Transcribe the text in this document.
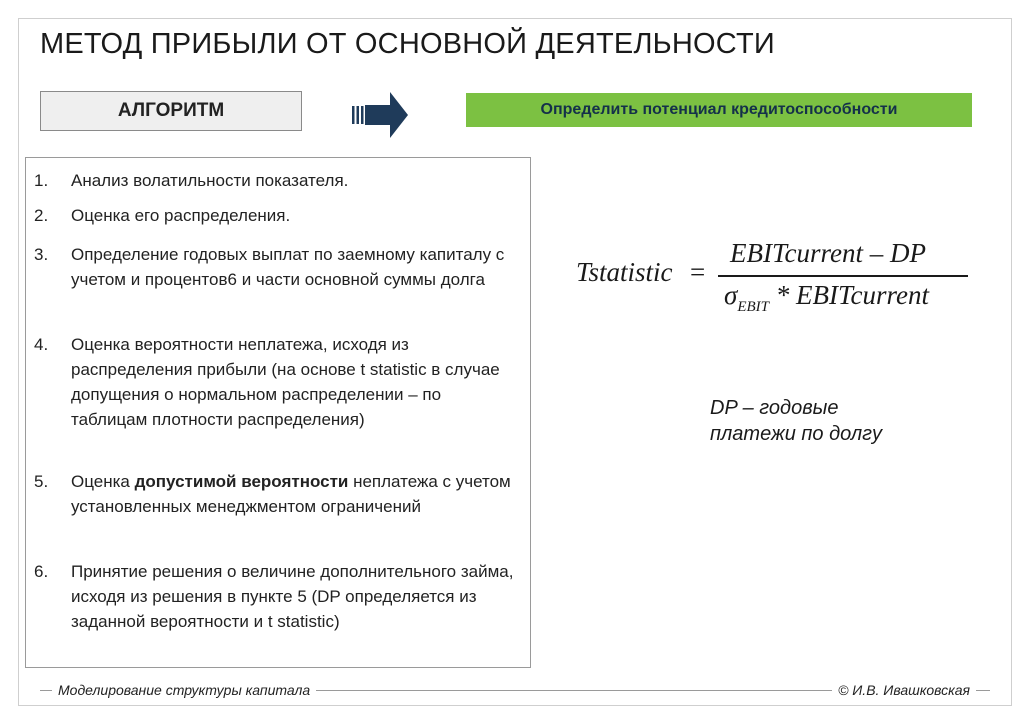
МЕТОД ПРИБЫЛИ ОТ ОСНОВНОЙ ДЕЯТЕЛЬНОСТИ
АЛГОРИТМ	Определить потенциал кредитоспособности
1. Анализ волатильности показателя.
2. Оценка его распределения.
3. Определение годовых выплат по заемному капиталу с учетом и процентов6 и части основной суммы долга
4. Оценка вероятности неплатежа, исходя из распределения прибыли (на основе t statistic в случае допущения о нормальном распределении – по таблицам плотности распределения)
5. Оценка допустимой вероятности неплатежа с учетом установленных менеджментом ограничений
6. Принятие решения о величине дополнительного займа, исходя из решения в пункте 5 (DP определяется из заданной вероятности и t statistic)
Tstatistic =
EBITcurrent – DP
$\sigma_{EBIT}$ * EBITcurrent
DP – годовые
платежи по долгу
Моделирование структуры капитала	© И.В. Ивашковская
